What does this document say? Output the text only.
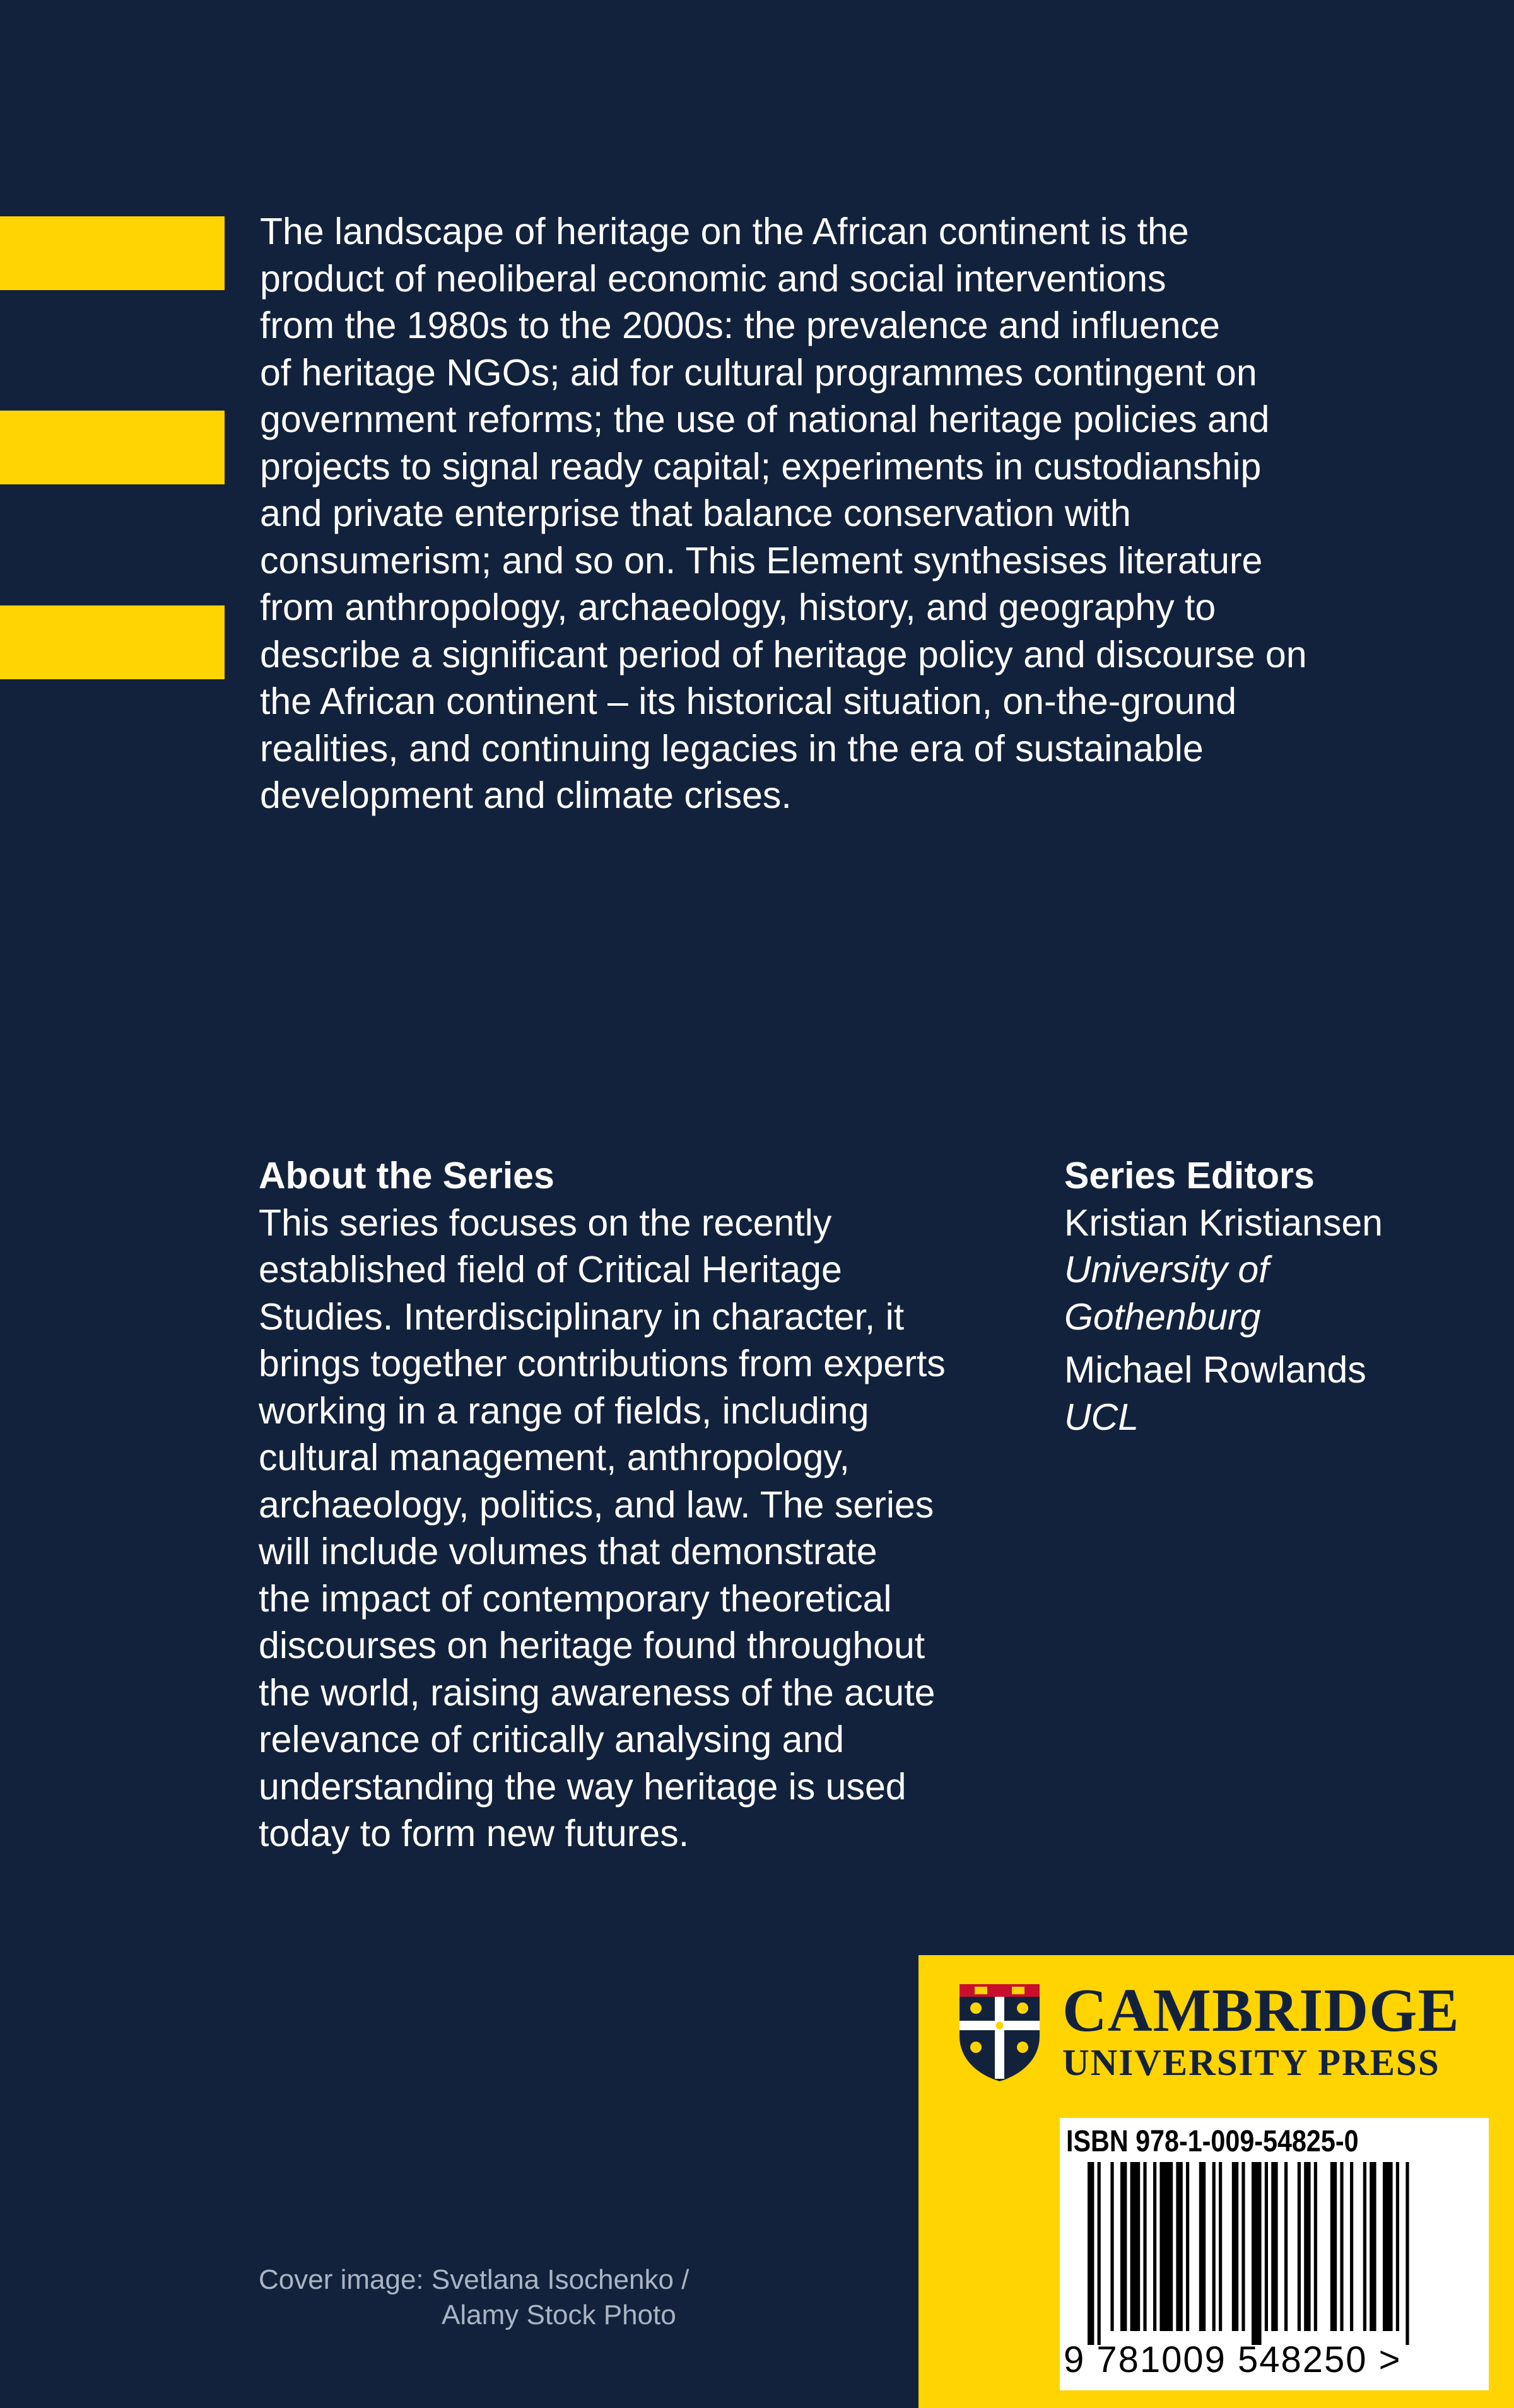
The landscape of heritage on the African continent is the
product of neoliberal economic and social interventions
from the 1980s to the 2000s: the prevalence and influence
of heritage NGOs; aid for cultural programmes contingent on
government reforms; the use of national heritage policies and
projects to signal ready capital; experiments in custodianship
and private enterprise that balance conservation with
consumerism; and so on. This Element synthesises literature
from anthropology, archaeology, history, and geography to
describe a significant period of heritage policy and discourse on
the African continent – its historical situation, on-the-ground
realities, and continuing legacies in the era of sustainable
development and climate crises.

About the Series

This series focuses on the recently
established field of Critical Heritage
Studies. Interdisciplinary in character, it
brings together contributions from experts
working in a range of fields, including
cultural management, anthropology,
archaeology, politics, and law. The series
will include volumes that demonstrate
the impact of contemporary theoretical
discourses on heritage found throughout
the world, raising awareness of the acute
relevance of critically analysing and
understanding the way heritage is used
today to form new futures.

Series Editors

Kristian Kristiansen
University of
Gothenburg
Michael Rowlands
UCL
Cover image: Svetlana Isochenko /
Alamy Stock Photo
CAMBRIDGE
UNIVERSITY PRESS
ISBN 978-1-009-54825-0
9 781009 548250 >
